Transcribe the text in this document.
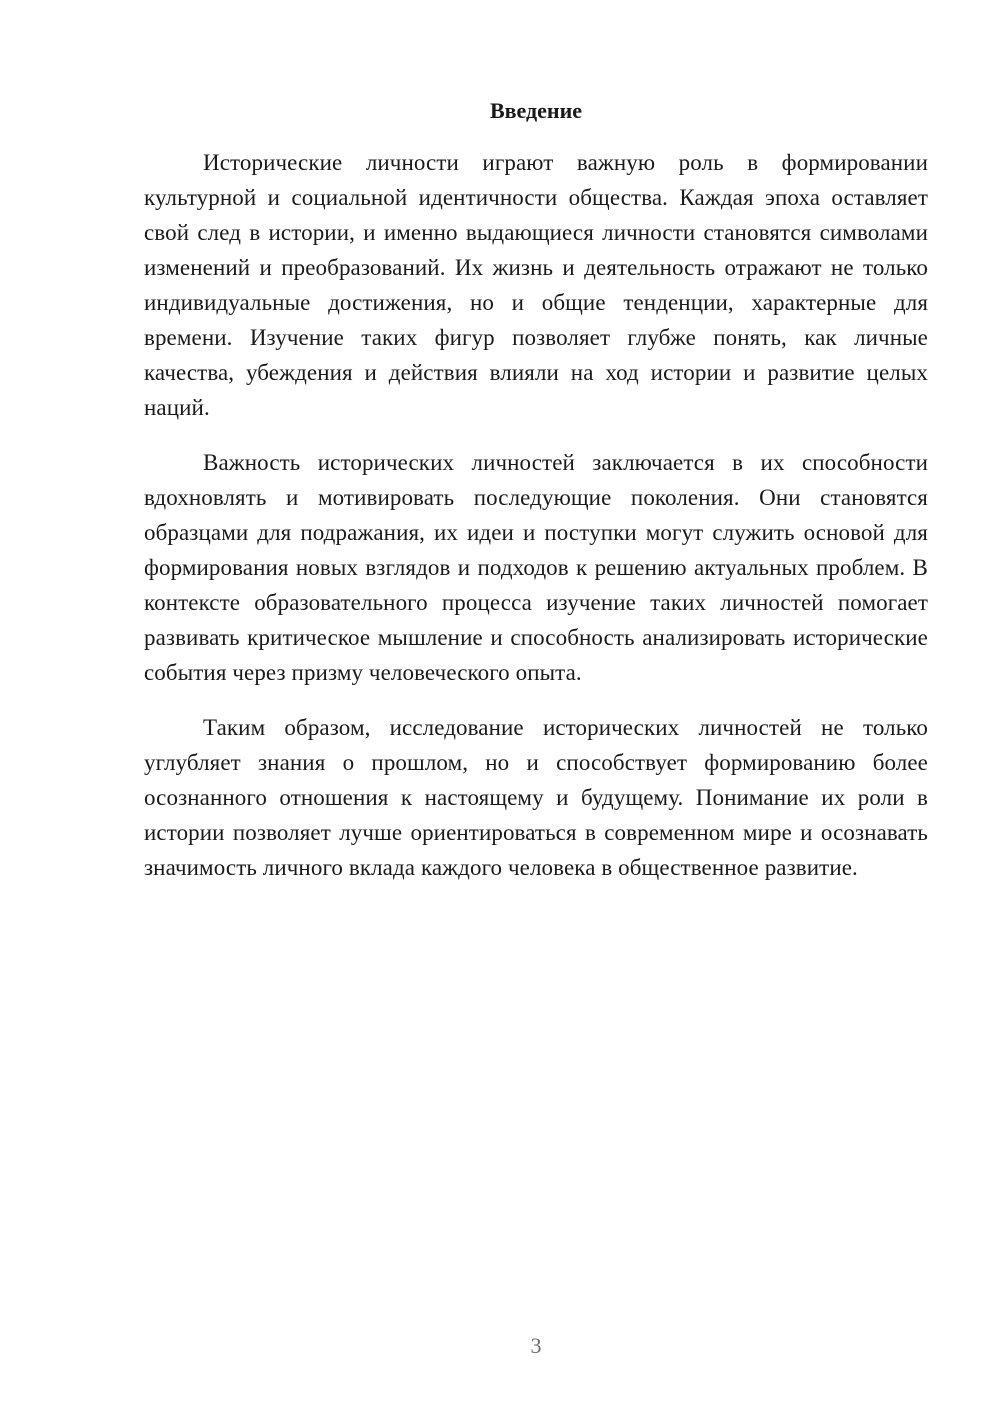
Введение

Исторические личности играют важную роль в формировании культурной и социальной идентичности общества. Каждая эпоха оставляет свой след в истории, и именно выдающиеся личности становятся символами изменений и преобразований. Их жизнь и деятельность отражают не только индивидуальные достижения, но и общие тенденции, характерные для времени. Изучение таких фигур позволяет глубже понять, как личные качества, убеждения и действия влияли на ход истории и развитие целых наций.

Важность исторических личностей заключается в их способности вдохновлять и мотивировать последующие поколения. Они становятся образцами для подражания, их идеи и поступки могут служить основой для формирования новых взглядов и подходов к решению актуальных проблем. В контексте образовательного процесса изучение таких личностей помогает развивать критическое мышление и способность анализировать исторические события через призму человеческого опыта.

Таким образом, исследование исторических личностей не только углубляет знания о прошлом, но и способствует формированию более осознанного отношения к настоящему и будущему. Понимание их роли в истории позволяет лучше ориентироваться в современном мире и осознавать значимость личного вклада каждого человека в общественное развитие.

3
